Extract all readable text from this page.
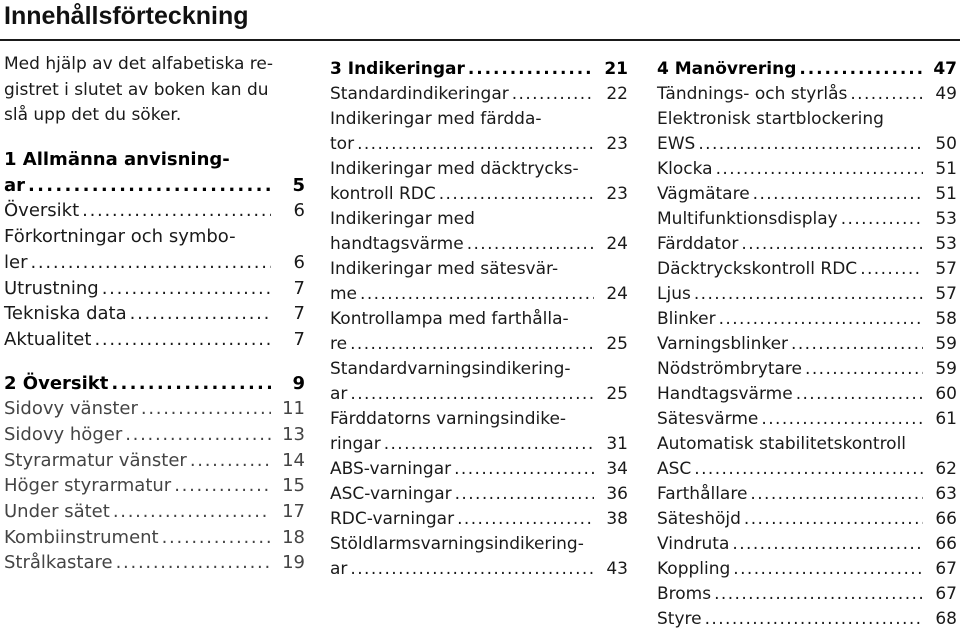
Innehållsförteckning
Med hjälp av det alfabetiska re-
gistret i slutet av boken kan du
slå upp det du söker.
1 Allmänna anvisning-
ar . . .	5
Översikt . . .	6
Förkortningar och symbo-
ler . . .	6
Utrustning . . .	7
Tekniska data . . .	7
Aktualitet . . .	7
2 Översikt . . .	9
Sidovy vänster . . .	11
Sidovy höger . . .	13
Styrarmatur vänster . . .	14
Höger styrarmatur . . .	15
Under sätet . . .	17
Kombiinstrument . . .	18
Strålkastare . . .	19
3 Indikeringar . . .	21
Standardindikeringar . . .	22
Indikeringar med färdda-
tor . . .	23
Indikeringar med däcktrycks-
kontroll RDC . . .	23
Indikeringar med
handtagsvärme . . .	24
Indikeringar med sätesvär-
me . . .	24
Kontrollampa med farthålla-
re . . .	25
Standardvarningsindikering-
ar . . .	25
Färddatorns varningsindike-
ringar . . .	31
ABS-varningar . . .	34
ASC-varningar . . .	36
RDC-varningar . . .	38
Stöldlarmsvarningsindikering-
ar . . .	43
4 Manövrering . . .	47
Tändnings- och styrlås . . .	49
Elektronisk startblockering
EWS . . .	50
Klocka . . .	51
Vägmätare . . .	51
Multifunktionsdisplay . . .	53
Färddator . . .	53
Däcktryckskontroll RDC . . .	57
Ljus . . .	57
Blinker . . .	58
Varningsblinker . . .	59
Nödströmbrytare . . .	59
Handtagsvärme . . .	60
Sätesvärme . . .	61
Automatisk stabilitetskontroll
ASC . . .	62
Farthållare . . .	63
Säteshöjd . . .	66
Vindruta . . .	66
Koppling . . .	67
Broms . . .	67
Styre . . .	68
